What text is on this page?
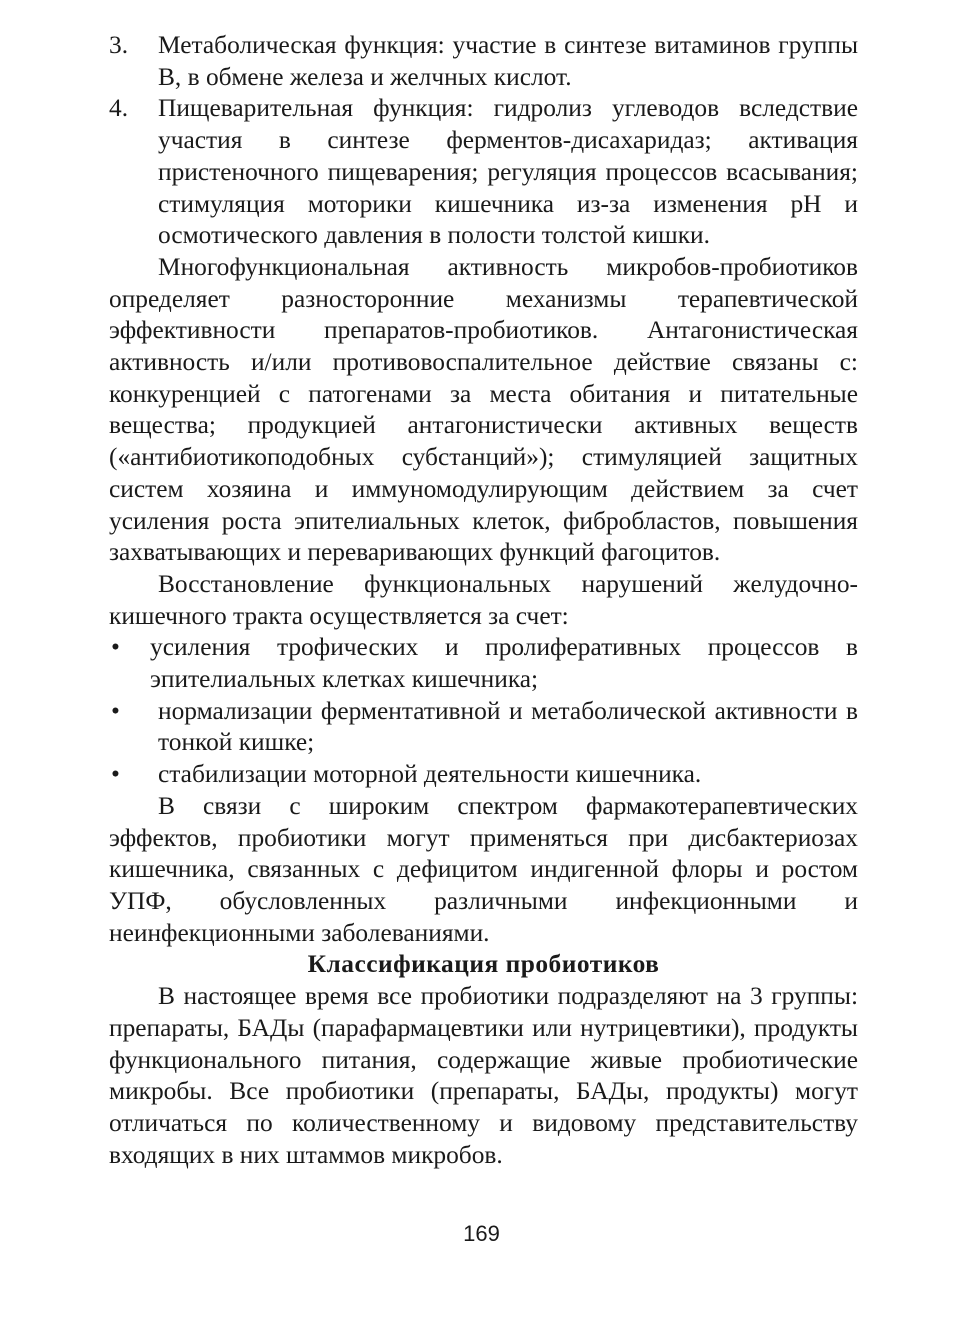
3. Метаболическая функция: участие в синтезе витаминов группы В, в обмене железа и желчных кислот.
4. Пищеварительная функция: гидролиз углеводов вследствие участия в синтезе ферментов-дисахаридаз; активация пристеночного пищеварения; регуляция процессов всасывания; стимуляция моторики кишечника из-за изменения pH и осмотического давления в полости толстой кишки.

Многофункциональная активность микробов-пробиотиков определяет разносторонние механизмы терапевтической эффективности препаратов-пробиотиков. Антагонистическая активность и/или противовоспалительное действие связаны с: конкуренцией с патогенами за места обитания и питательные вещества; продукцией антагонистически активных веществ («антибиотикоподобных субстанций»); стимуляцией защитных систем хозяина и иммуномодулирующим действием за счет усиления роста эпителиальных клеток, фибробластов, повышения захватывающих и переваривающих функций фагоцитов.

Восстановление функциональных нарушений желудочно-кишечного тракта осуществляется за счет:

• усиления трофических и пролиферативных процессов в эпителиальных клетках кишечника;
• нормализации ферментативной и метаболической активности в тонкой кишке;
• стабилизации моторной деятельности кишечника.

В связи с широким спектром фармакотерапевтических эффектов, пробиотики могут применяться при дисбактериозах кишечника, связанных с дефицитом индигенной флоры и ростом УПФ, обусловленных различными инфекционными и неинфекционными заболеваниями.

Классификация пробиотиков

В настоящее время все пробиотики подразделяют на 3 группы: препараты, БАДы (парафармацевтики или нутрицевтики), продукты функционального питания, содержащие живые пробиотические микробы. Все пробиотики (препараты, БАДы, продукты) могут отличаться по количественному и видовому представительству входящих в них штаммов микробов.

169
